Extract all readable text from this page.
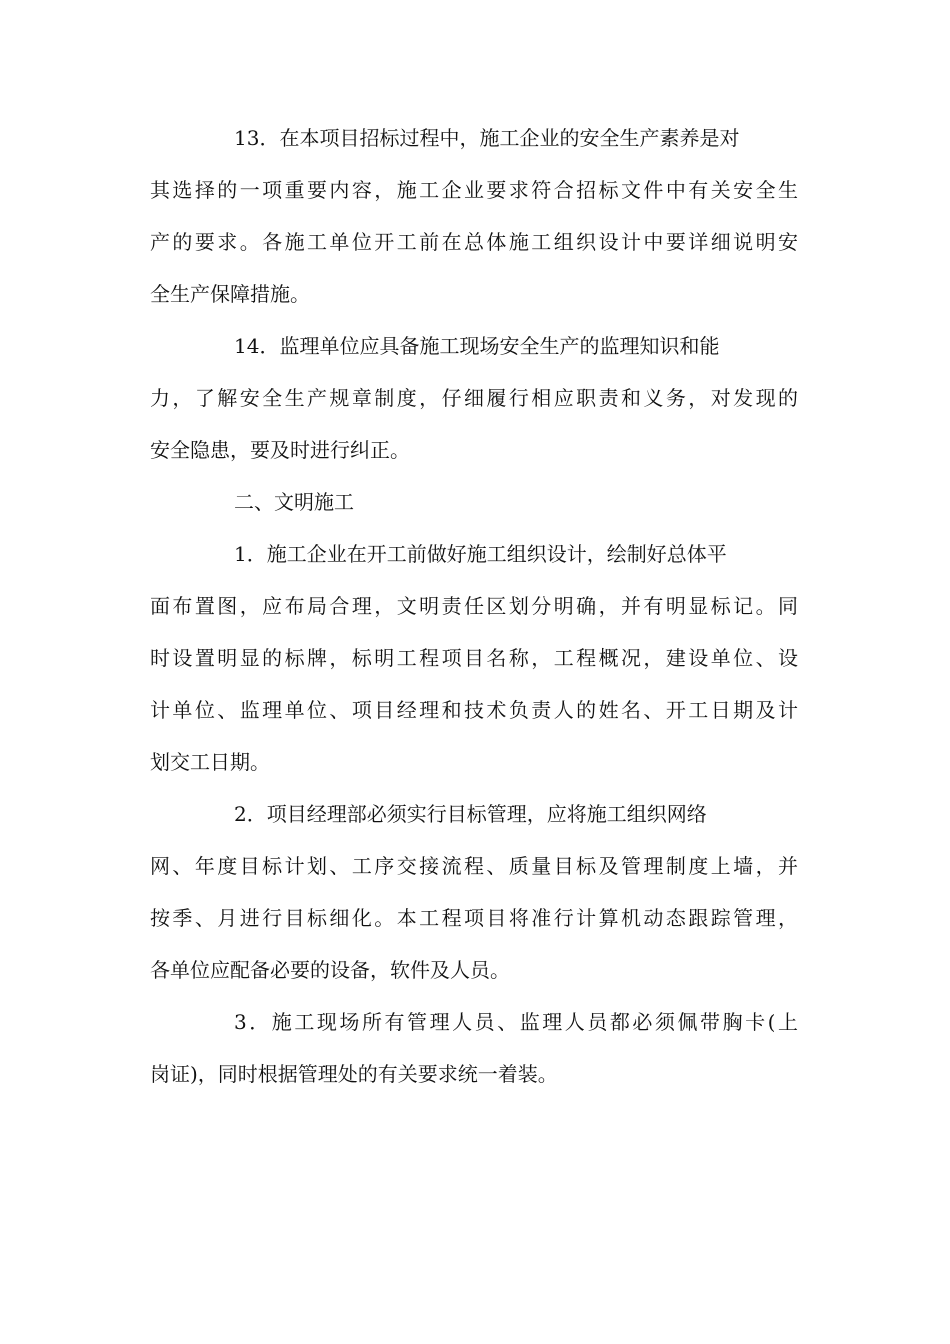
13．在本项目招标过程中，施工企业的安全生产素养是对
其选择的一项重要内容，施工企业要求符合招标文件中有关安全生
产的要求。各施工单位开工前在总体施工组织设计中要详细说明安
全生产保障措施。
14．监理单位应具备施工现场安全生产的监理知识和能
力，了解安全生产规章制度，仔细履行相应职责和义务，对发现的
安全隐患，要及时进行纠正。
二、文明施工
1．施工企业在开工前做好施工组织设计，绘制好总体平
面布置图，应布局合理，文明责任区划分明确，并有明显标记。同
时设置明显的标牌，标明工程项目名称，工程概况，建设单位、设
计单位、监理单位、项目经理和技术负责人的姓名、开工日期及计
划交工日期。
2．项目经理部必须实行目标管理，应将施工组织网络
网、年度目标计划、工序交接流程、质量目标及管理制度上墙，并
按季、月进行目标细化。本工程项目将准行计算机动态跟踪管理，
各单位应配备必要的设备，软件及人员。
3．施工现场所有管理人员、监理人员都必须佩带胸卡(上
岗证)，同时根据管理处的有关要求统一着装。
